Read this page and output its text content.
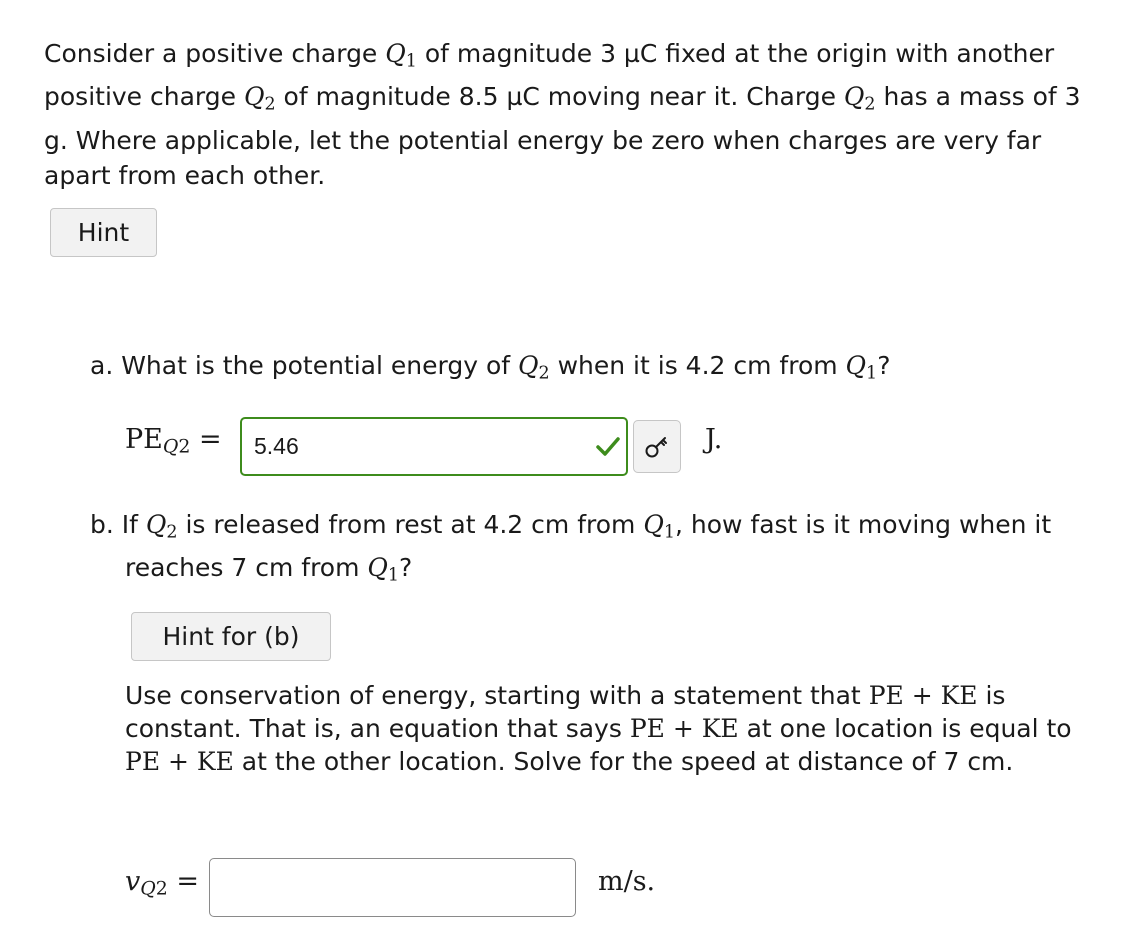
Consider a positive charge $Q_1$ of magnitude 3 µC fixed at the origin with another positive charge $Q_2$ of magnitude 8.5 µC moving near it. Charge $Q_2$ has a mass of 3 g. Where applicable, let the potential energy be zero when charges are very far apart from each other.

Hint

a. What is the potential energy of $Q_2$ when it is 4.2 cm from $Q_1$?

$PE_{Q2}$ =
5.46	J.

b. If $Q_2$ is released from rest at 4.2 cm from $Q_1$, how fast is it moving when it reaches 7 cm from $Q_1$?

Hint for (b)

Use conservation of energy, starting with a statement that PE + KE is constant. That is, an equation that says PE + KE at one location is equal to PE + KE at the other location. Solve for the speed at distance of 7 cm.

$v_{Q2}$ =	m/s.
